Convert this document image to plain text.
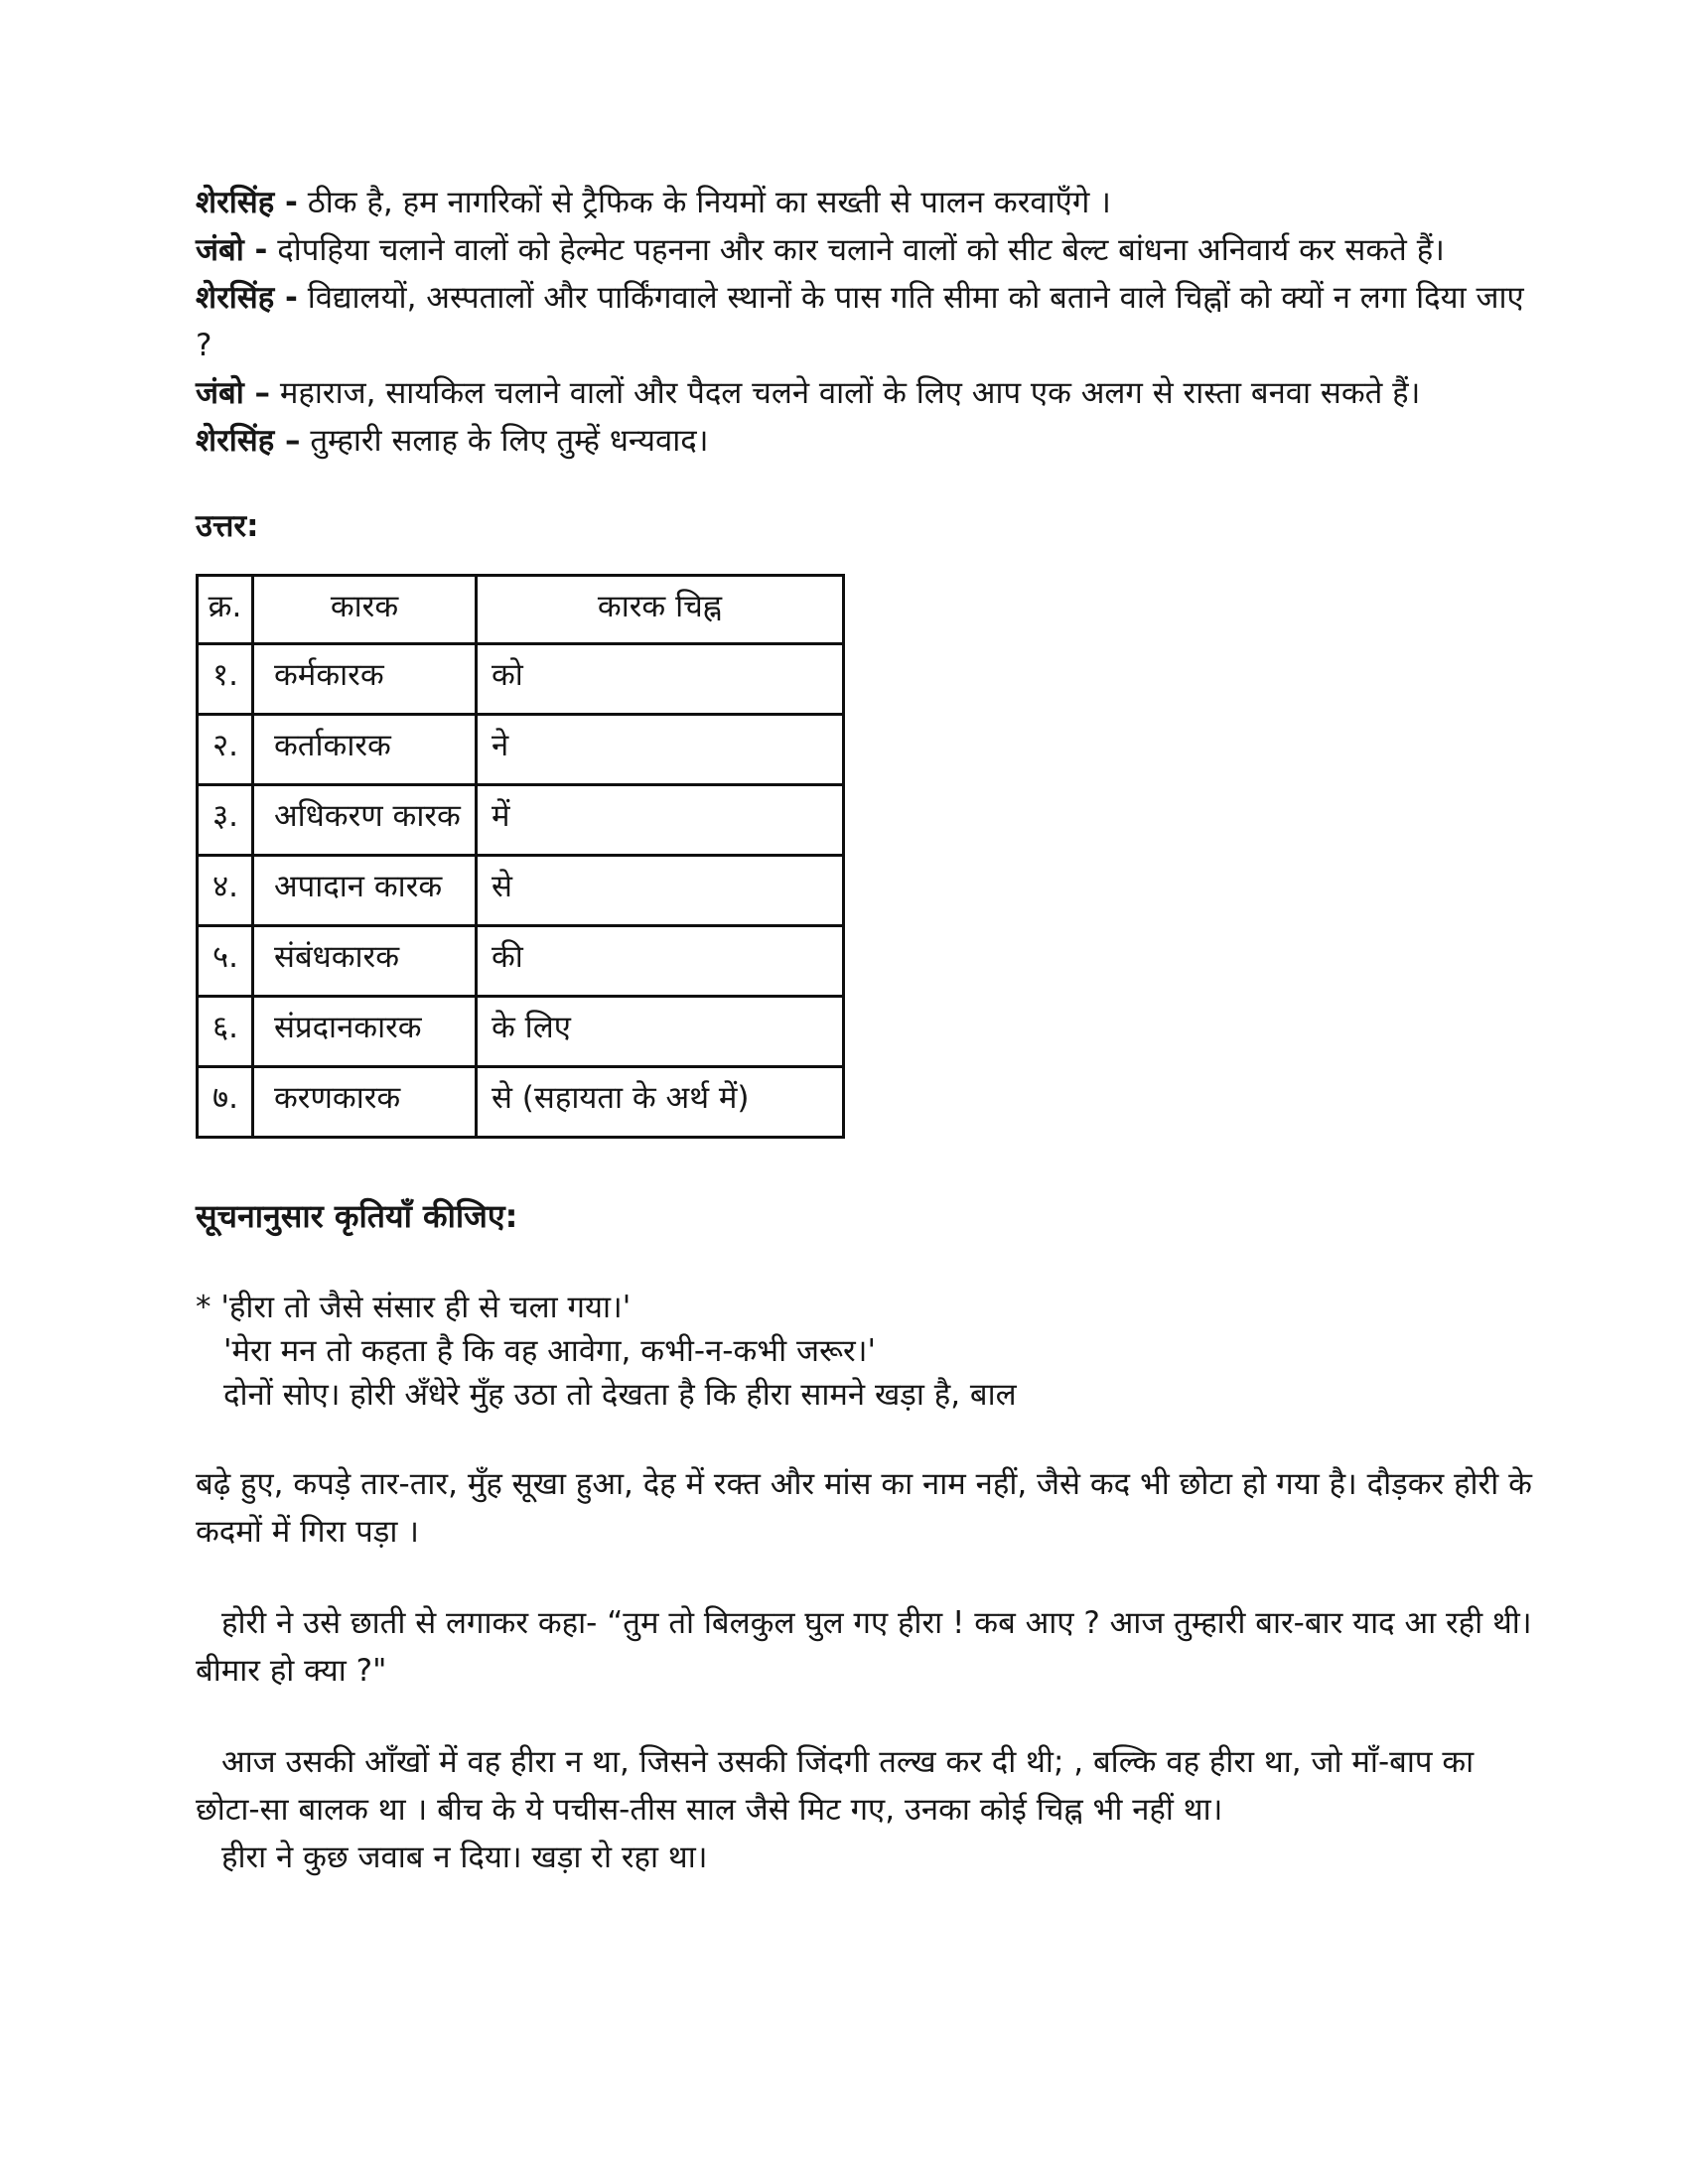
शेरसिंह - ठीक है, हम नागरिकों से ट्रैफिक के नियमों का सख्ती से पालन करवाएँगे ।

जंबो - दोपहिया चलाने वालों को हेल्मेट पहनना और कार चलाने वालों को सीट बेल्ट बांधना अनिवार्य कर सकते हैं।

शेरसिंह - विद्यालयों, अस्पतालों और पार्किंगवाले स्थानों के पास गति सीमा को बताने वाले चिह्नों को क्यों न लगा दिया जाए ?

जंबो – महाराज, सायकिल चलाने वालों और पैदल चलने वालों के लिए आप एक अलग से रास्ता बनवा सकते हैं।

शेरसिंह – तुम्हारी सलाह के लिए तुम्हें धन्यवाद।

उत्तर:

क्र.	कारक	कारक चिह्न
१.	कर्मकारक	को
२.	कर्ताकारक	ने
३.	अधिकरण कारक	में
४.	अपादान कारक	से
५.	संबंधकारक	की
६.	संप्रदानकारक	के लिए
७.	करणकारक	से (सहायता के अर्थ में)

सूचनानुसार कृतियाँ कीजिए:

* 'हीरा तो जैसे संसार ही से चला गया।'

'मेरा मन तो कहता है कि वह आवेगा, कभी-न-कभी जरूर।'

दोनों सोए। होरी अँधेरे मुँह उठा तो देखता है कि हीरा सामने खड़ा है, बाल

बढ़े हुए, कपड़े तार-तार, मुँह सूखा हुआ, देह में रक्त और मांस का नाम नहीं, जैसे कद भी छोटा हो गया है। दौड़कर होरी के कदमों में गिरा पड़ा ।

होरी ने उसे छाती से लगाकर कहा- “तुम तो बिलकुल घुल गए हीरा ! कब आए ? आज तुम्हारी बार-बार याद आ रही थी। बीमार हो क्या ?"

आज उसकी आँखों में वह हीरा न था, जिसने उसकी जिंदगी तल्ख कर दी थी; , बल्कि वह हीरा था, जो माँ-बाप का छोटा-सा बालक था । बीच के ये पचीस-तीस साल जैसे मिट गए, उनका कोई चिह्न भी नहीं था।

हीरा ने कुछ जवाब न दिया। खड़ा रो रहा था।
